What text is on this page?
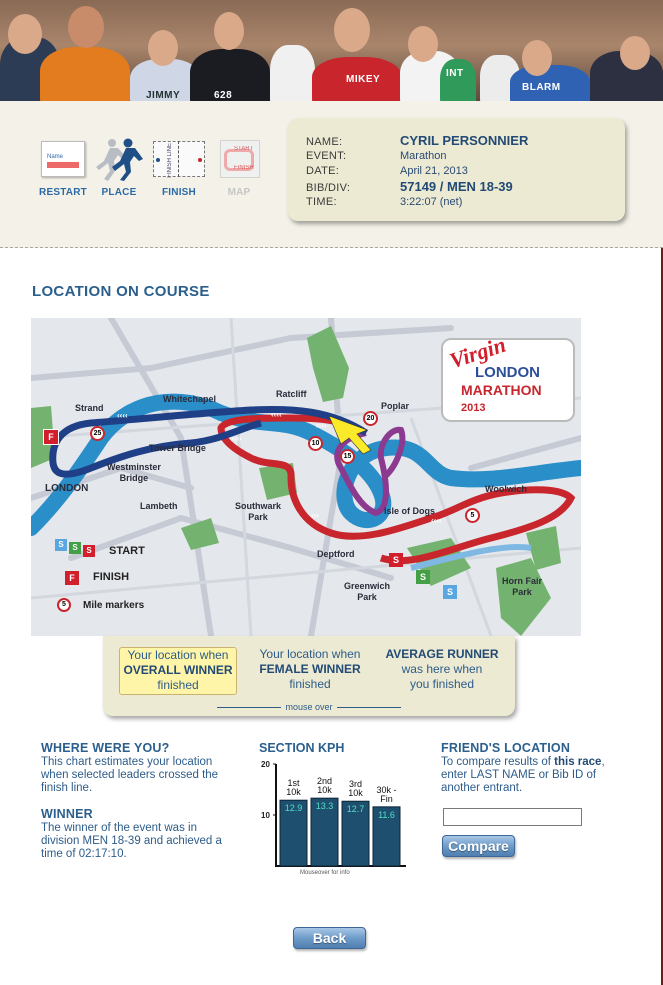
JIMMY	628
MIKEY
INT
BLARM
Name
RESTART	PLACE
FINISH LINE
FINISH
START
FINISH
MAP
NAME:	CYRIL PERSONNIER
EVENT:	Marathon
DATE:	April 21, 2013
BIB/DIV:	57149 / MEN 18-39
TIME:	3:22:07 (net)
LOCATION ON COURSE
‹‹‹‹	‹‹‹‹
››››
››››
‹‹‹‹
‹‹‹
Virgin
LONDON
MARATHON
2013
Strand
Whitechapel	Ratcliff
Poplar
Tower Bridge
Westminster
Bridge
LONDON
Lambeth	Southwark
Park
Isle of Dogs
Woolwich
Deptford
Greenwich
Park
Horn Fair
Park
25
20
10
15
5
F
S
S
S
S	S	S	START
F	FINISH
5	Mile markers
Your location when
OVERALL WINNER
finished
Your location when
FEMALE WINNER
finished
AVERAGE RUNNER
was here when
you finished
mouse over
WHERE WERE YOU?
This chart estimates your location when selected leaders crossed the finish line.
WINNER
The winner of the event was in division MEN 18-39 and achieved a time of 02:17:10.
SECTION KPH
20
10
12.9
1st 10k
13.3
2nd 10k
12.7
3rd 10k
11.6
30k -Fin
Mouseover for info
FRIEND'S LOCATION
To compare results of this race, enter LAST NAME or Bib ID of another entrant.
Compare
Back
